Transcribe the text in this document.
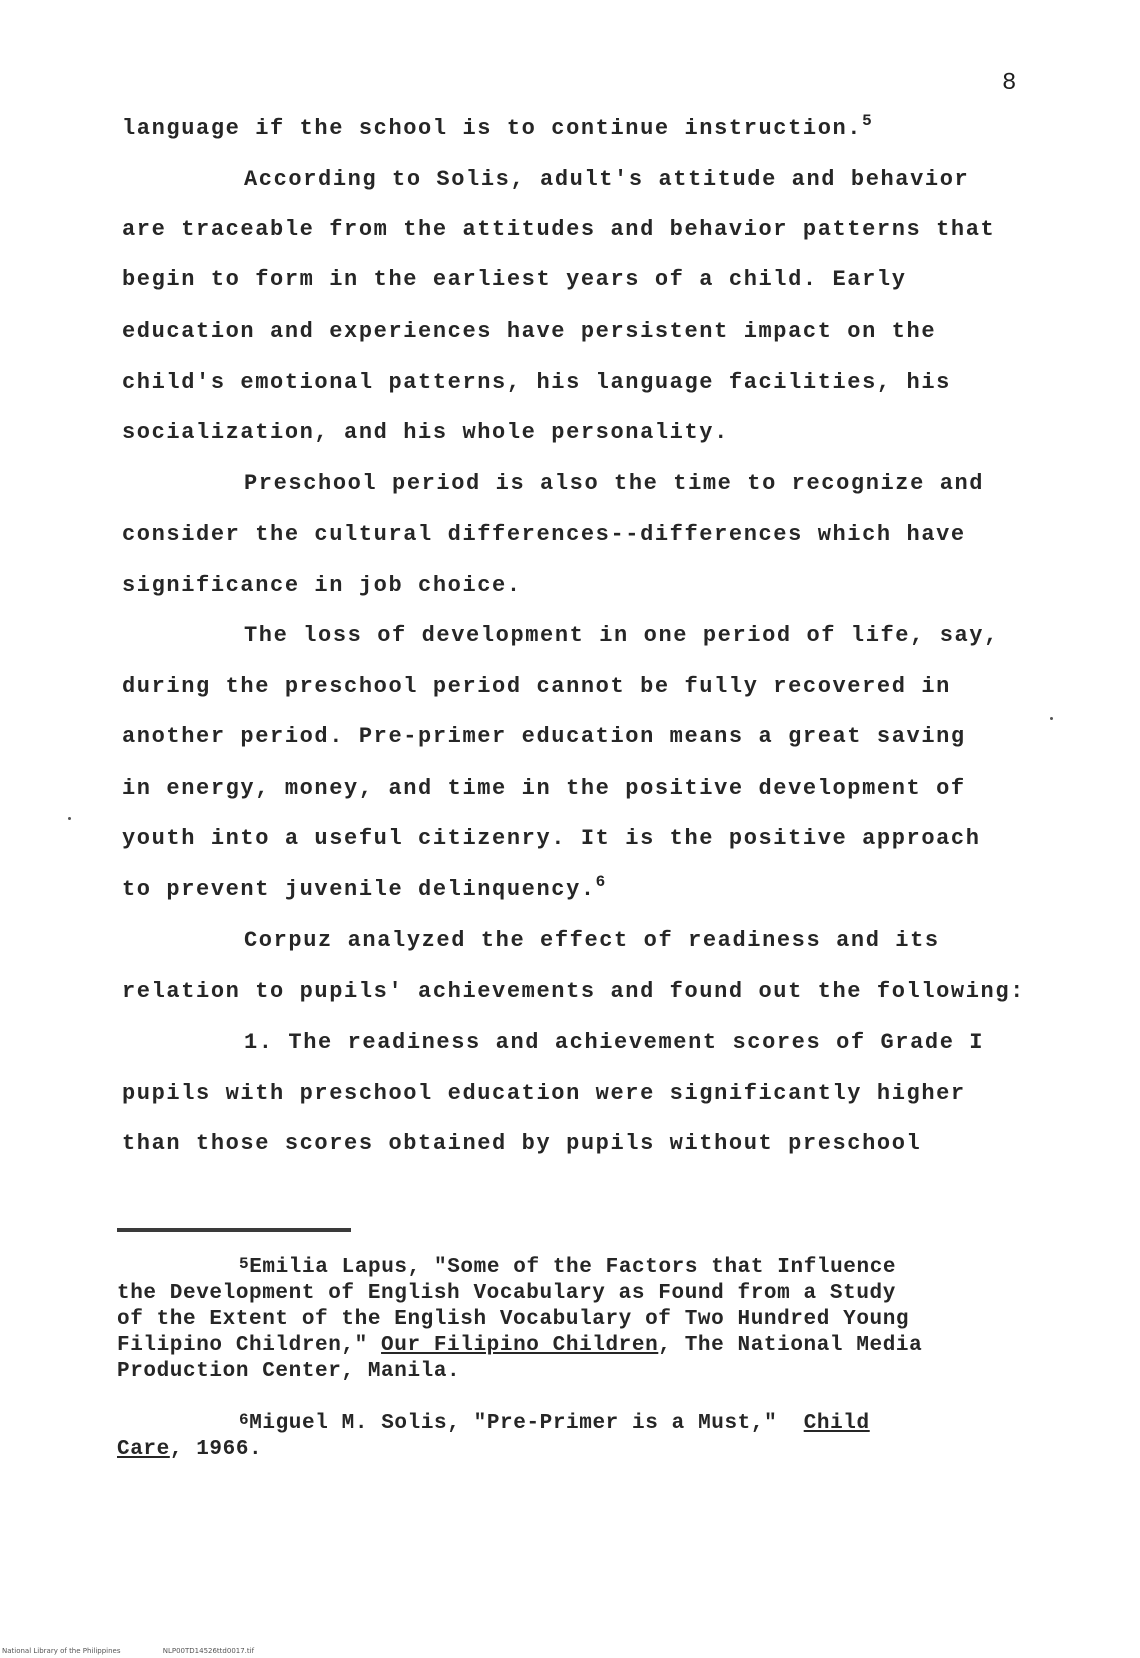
8
language if the school is to continue instruction.$^5$
According to Solis, adult's attitude and behavior
are traceable from the attitudes and behavior patterns that
begin to form in the earliest years of a child. Early
education and experiences have persistent impact on the
child's emotional patterns, his language facilities, his
socialization, and his whole personality.
Preschool period is also the time to recognize and
consider the cultural differences--differences which have
significance in job choice.
The loss of development in one period of life, say,
during the preschool period cannot be fully recovered in
another period. Pre-primer education means a great saving
in energy, money, and time in the positive development of
youth into a useful citizenry. It is the positive approach
to prevent juvenile delinquency.$^6$
Corpuz analyzed the effect of readiness and its
relation to pupils' achievements and found out the following:
1. The readiness and achievement scores of Grade I
pupils with preschool education were significantly higher
than those scores obtained by pupils without preschool
$^5$Emilia Lapus, "Some of the Factors that Influence
the Development of English Vocabulary as Found from a Study
of the Extent of the English Vocabulary of Two Hundred Young
Filipino Children," Our Filipino Children, The National Media
Production Center, Manila.
$^6$Miguel M. Solis, "Pre-Primer is a Must,"  Child
Care, 1966.
National Library of the Philippines	NLP00TD14526ttd0017.tif
